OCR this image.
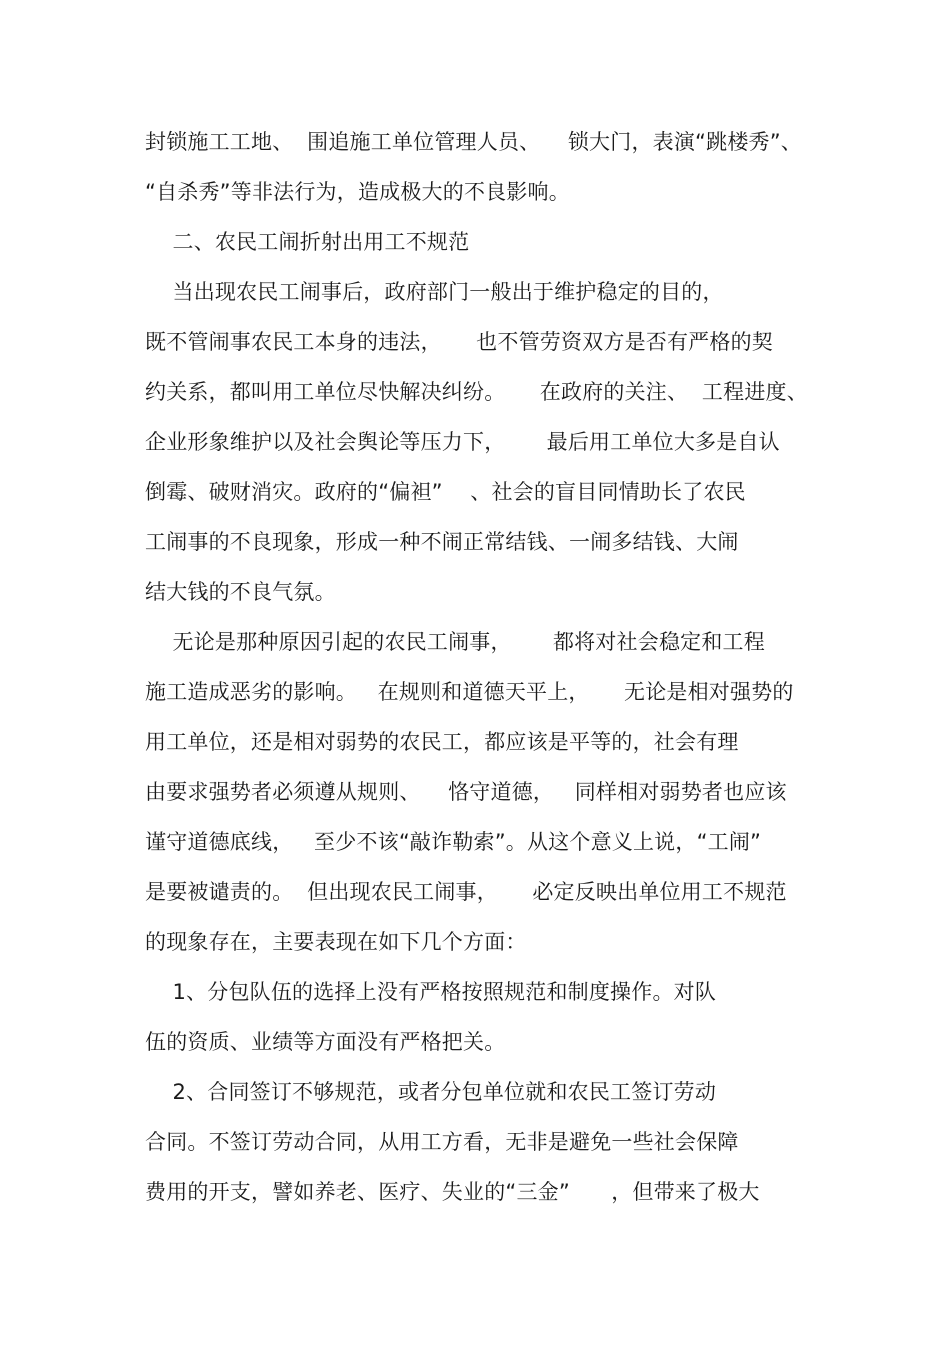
封锁施工工地、  围追施工单位管理人员、    锁大门，表演“跳楼秀”、
“自杀秀”等非法行为，造成极大的不良影响。
二、农民工闹折射出用工不规范
当出现农民工闹事后，政府部门一般出于维护稳定的目的，
既不管闹事农民工本身的违法，     也不管劳资双方是否有严格的契
约关系，都叫用工单位尽快解决纠纷。     在政府的关注、  工程进度、
企业形象维护以及社会舆论等压力下，      最后用工单位大多是自认
倒霉、破财消灾。政府的“偏袒”    、社会的盲目同情助长了农民
工闹事的不良现象，形成一种不闹正常结钱、一闹多结钱、大闹
结大钱的不良气氛。
无论是那种原因引起的农民工闹事，      都将对社会稳定和工程
施工造成恶劣的影响。   在规则和道德天平上，     无论是相对强势的
用工单位，还是相对弱势的农民工，都应该是平等的，社会有理
由要求强势者必须遵从规则、    恪守道德，   同样相对弱势者也应该
谨守道德底线，   至少不该“敲诈勒索”。从这个意义上说，“工闹”
是要被谴责的。  但出现农民工闹事，     必定反映出单位用工不规范
的现象存在，主要表现在如下几个方面：
1、分包队伍的选择上没有严格按照规范和制度操作。对队
伍的资质、业绩等方面没有严格把关。
2、合同签订不够规范，或者分包单位就和农民工签订劳动
合同。不签订劳动合同，从用工方看，无非是避免一些社会保障
费用的开支，譬如养老、医疗、失业的“三金”      ，但带来了极大
